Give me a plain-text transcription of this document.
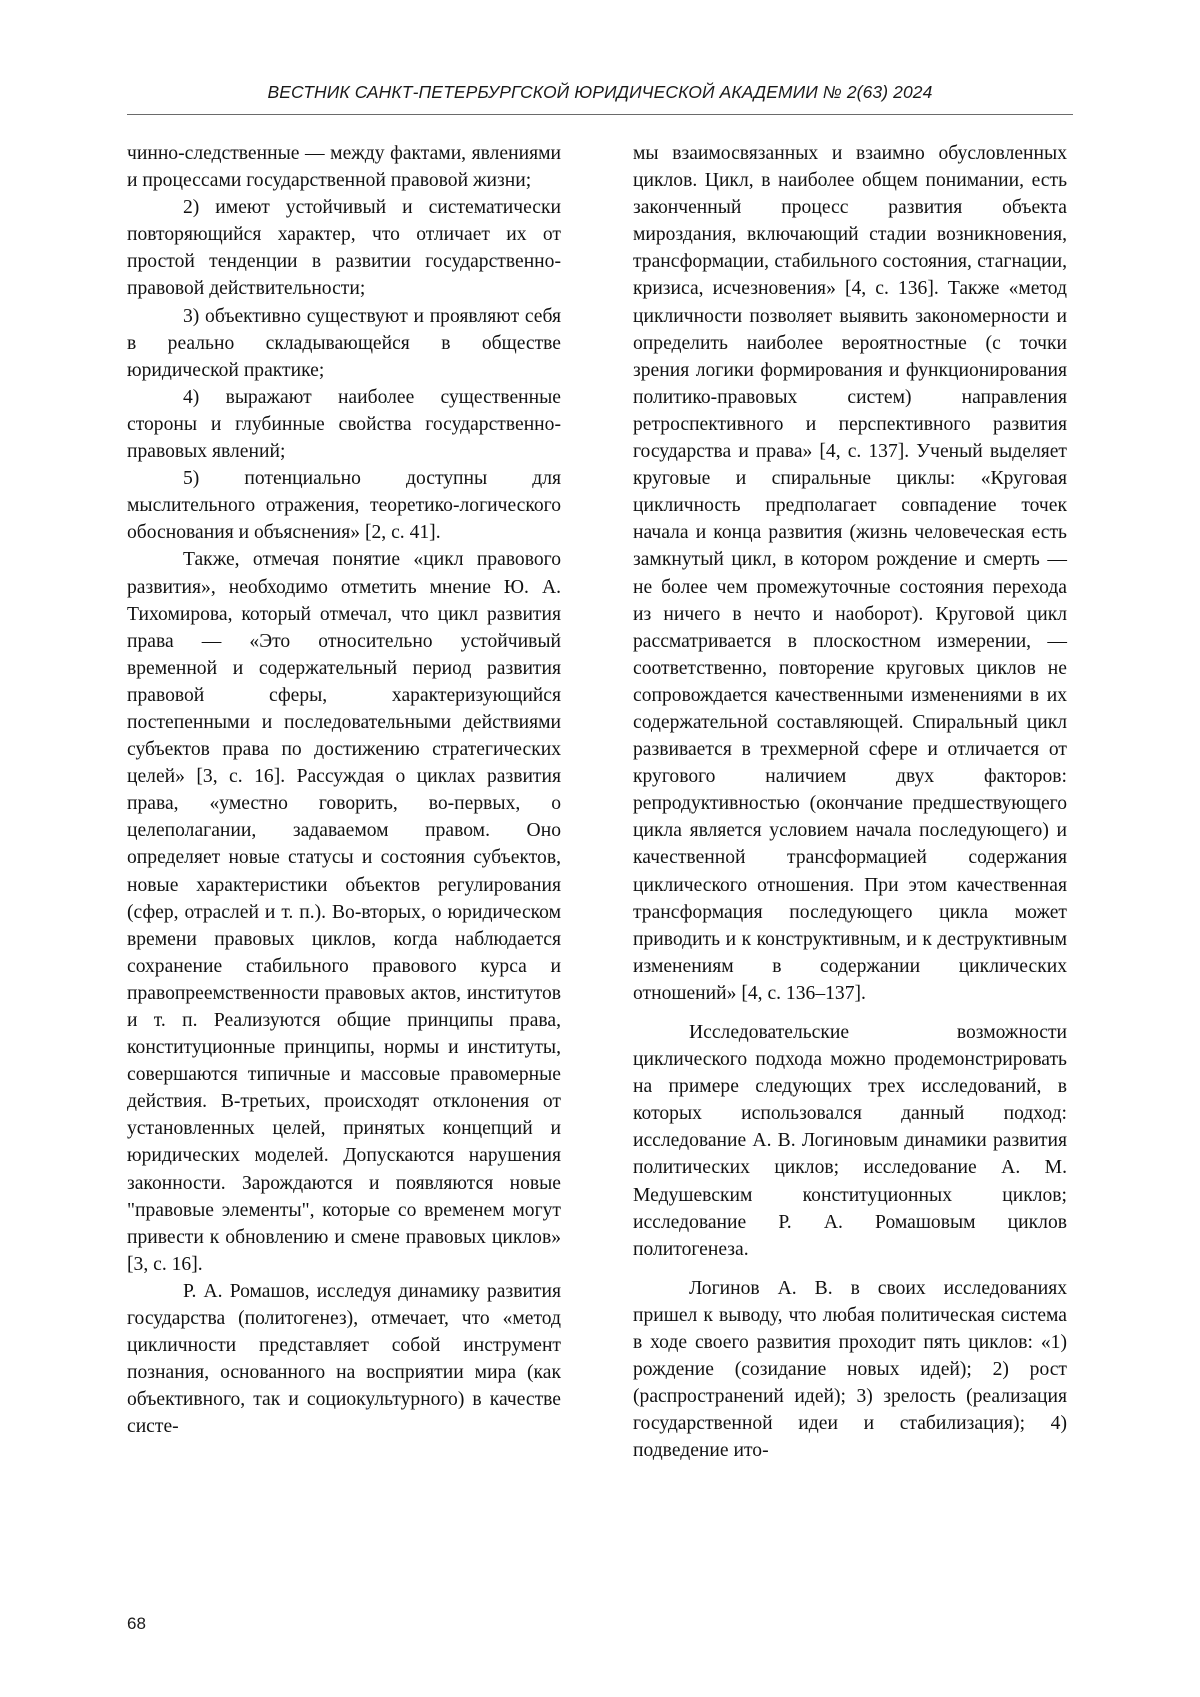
ВЕСТНИК САНКТ-ПЕТЕРБУРГСКОЙ ЮРИДИЧЕСКОЙ АКАДЕМИИ № 2(63) 2024

чинно-следственные — между фактами, явлениями и процессами государственной правовой жизни;

2) имеют устойчивый и систематически повторяющийся характер, что отличает их от простой тенденции в развитии государственно-правовой действительности;

3) объективно существуют и проявляют себя в реально складывающейся в обществе юридической практике;

4) выражают наиболее существенные стороны и глубинные свойства государственно-правовых явлений;

5) потенциально доступны для мыслительного отражения, теоретико-логического обоснования и объяснения» [2, с. 41].

Также, отмечая понятие «цикл правового развития», необходимо отметить мнение Ю. А. Тихомирова, который отмечал, что цикл развития права — «Это относительно устойчивый временной и содержательный период развития правовой сферы, характеризующийся постепенными и последовательными действиями субъектов права по достижению стратегических целей» [3, с. 16]. Рассуждая о циклах развития права, «уместно говорить, во-первых, о целеполагании, задаваемом правом. Оно определяет новые статусы и состояния субъектов, новые характеристики объектов регулирования (сфер, отраслей и т. п.). Во-вторых, о юридическом времени правовых циклов, когда наблюдается сохранение стабильного правового курса и правопреемственности правовых актов, институтов и т. п. Реализуются общие принципы права, конституционные принципы, нормы и институты, совершаются типичные и массовые правомерные действия. В-третьих, происходят отклонения от установленных целей, принятых концепций и юридических моделей. Допускаются нарушения законности. Зарождаются и появляются новые "правовые элементы", которые со временем могут привести к обновлению и смене правовых циклов» [3, с. 16].

Р. А. Ромашов, исследуя динамику развития государства (политогенез), отмечает, что «метод цикличности представляет собой инструмент познания, основанного на восприятии мира (как объективного, так и социокультурного) в качестве систе-

мы взаимосвязанных и взаимно обусловленных циклов. Цикл, в наиболее общем понимании, есть законченный процесс развития объекта мироздания, включающий стадии возникновения, трансформации, стабильного состояния, стагнации, кризиса, исчезновения» [4, с. 136]. Также «метод цикличности позволяет выявить закономерности и определить наиболее вероятностные (с точки зрения логики формирования и функционирования политико-правовых систем) направления ретроспективного и перспективного развития государства и права» [4, с. 137]. Ученый выделяет круговые и спиральные циклы: «Круговая цикличность предполагает совпадение точек начала и конца развития (жизнь человеческая есть замкнутый цикл, в котором рождение и смерть — не более чем промежуточные состояния перехода из ничего в нечто и наоборот). Круговой цикл рассматривается в плоскостном измерении, — соответственно, повторение круговых циклов не сопровождается качественными изменениями в их содержательной составляющей. Спиральный цикл развивается в трехмерной сфере и отличается от кругового наличием двух факторов: репродуктивностью (окончание предшествующего цикла является условием начала последующего) и качественной трансформацией содержания циклического отношения. При этом качественная трансформация последующего цикла может приводить и к конструктивным, и к деструктивным изменениям в содержании циклических отношений» [4, с. 136–137].

Исследовательские возможности циклического подхода можно продемонстрировать на примере следующих трех исследований, в которых использовался данный подход: исследование А. В. Логиновым динамики развития политических циклов; исследование А. М. Медушевским конституционных циклов; исследование Р. А. Ромашовым циклов политогенеза.

Логинов А. В. в своих исследованиях пришел к выводу, что любая политическая система в ходе своего развития проходит пять циклов: «1) рождение (созидание новых идей); 2) рост (распространений идей); 3) зрелость (реализация государственной идеи и стабилизация); 4) подведение ито-

68
